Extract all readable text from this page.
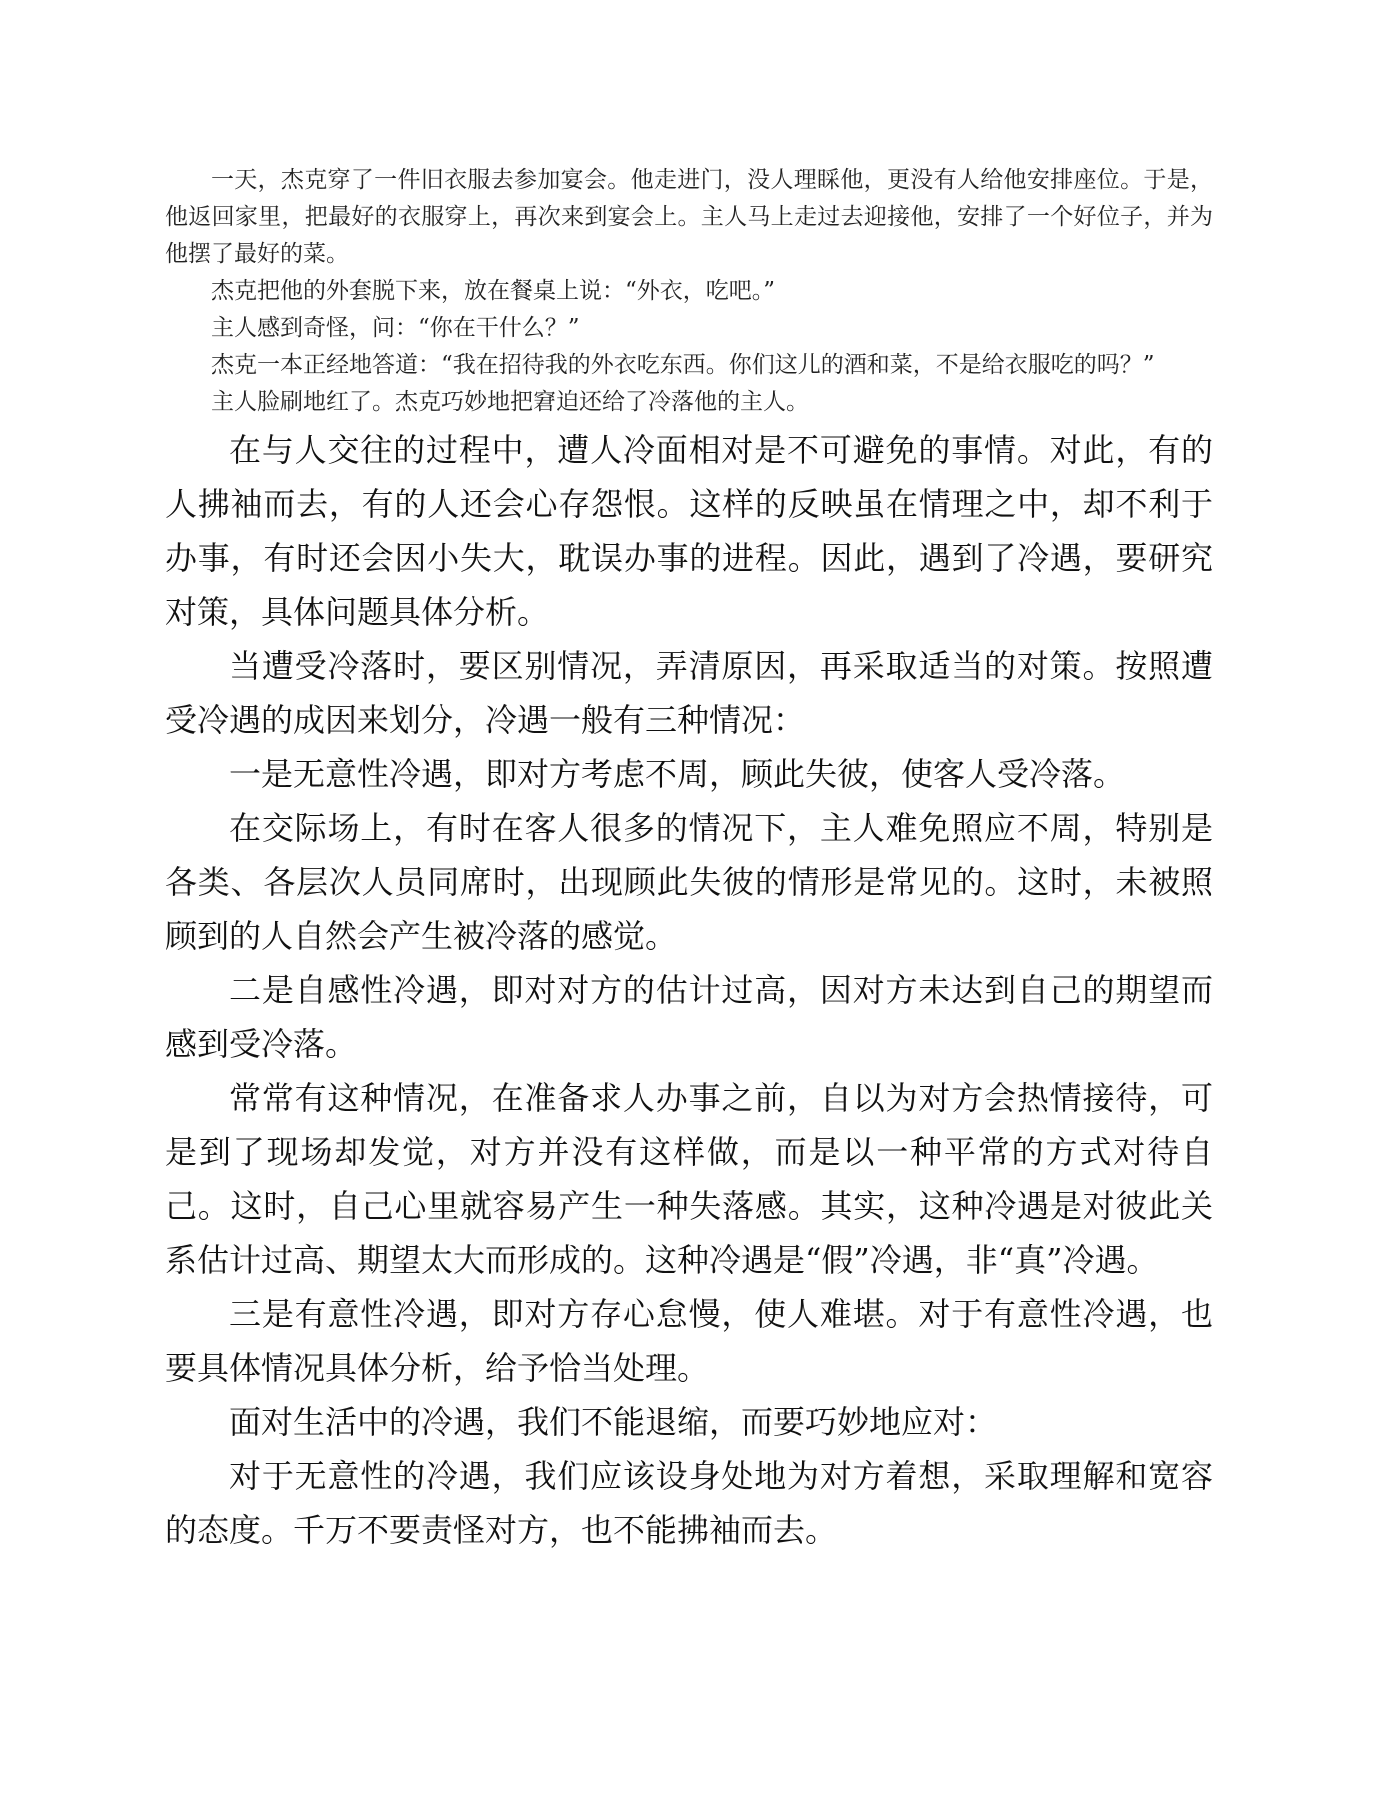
一天，杰克穿了一件旧衣服去参加宴会。他走进门，没人理睬他，更没有人给他安排座位。于是，他返回家里，把最好的衣服穿上，再次来到宴会上。主人马上走过去迎接他，安排了一个好位子，并为他摆了最好的菜。

杰克把他的外套脱下来，放在餐桌上说：“外衣，吃吧。”

主人感到奇怪，问：“你在干什么？”

杰克一本正经地答道：“我在招待我的外衣吃东西。你们这儿的酒和菜，不是给衣服吃的吗？”

主人脸刷地红了。杰克巧妙地把窘迫还给了冷落他的主人。

在与人交往的过程中，遭人冷面相对是不可避免的事情。对此，有的人拂袖而去，有的人还会心存怨恨。这样的反映虽在情理之中，却不利于办事，有时还会因小失大，耽误办事的进程。因此，遇到了冷遇，要研究对策，具体问题具体分析。

当遭受冷落时，要区别情况，弄清原因，再采取适当的对策。按照遭受冷遇的成因来划分，冷遇一般有三种情况：

一是无意性冷遇，即对方考虑不周，顾此失彼，使客人受冷落。

在交际场上，有时在客人很多的情况下，主人难免照应不周，特别是各类、各层次人员同席时，出现顾此失彼的情形是常见的。这时，未被照顾到的人自然会产生被冷落的感觉。

二是自感性冷遇，即对对方的估计过高，因对方未达到自己的期望而感到受冷落。

常常有这种情况，在准备求人办事之前，自以为对方会热情接待，可是到了现场却发觉，对方并没有这样做，而是以一种平常的方式对待自己。这时，自己心里就容易产生一种失落感。其实，这种冷遇是对彼此关系估计过高、期望太大而形成的。这种冷遇是“假”冷遇，非“真”冷遇。

三是有意性冷遇，即对方存心怠慢，使人难堪。对于有意性冷遇，也要具体情况具体分析，给予恰当处理。

面对生活中的冷遇，我们不能退缩，而要巧妙地应对：

对于无意性的冷遇，我们应该设身处地为对方着想，采取理解和宽容的态度。千万不要责怪对方，也不能拂袖而去。
